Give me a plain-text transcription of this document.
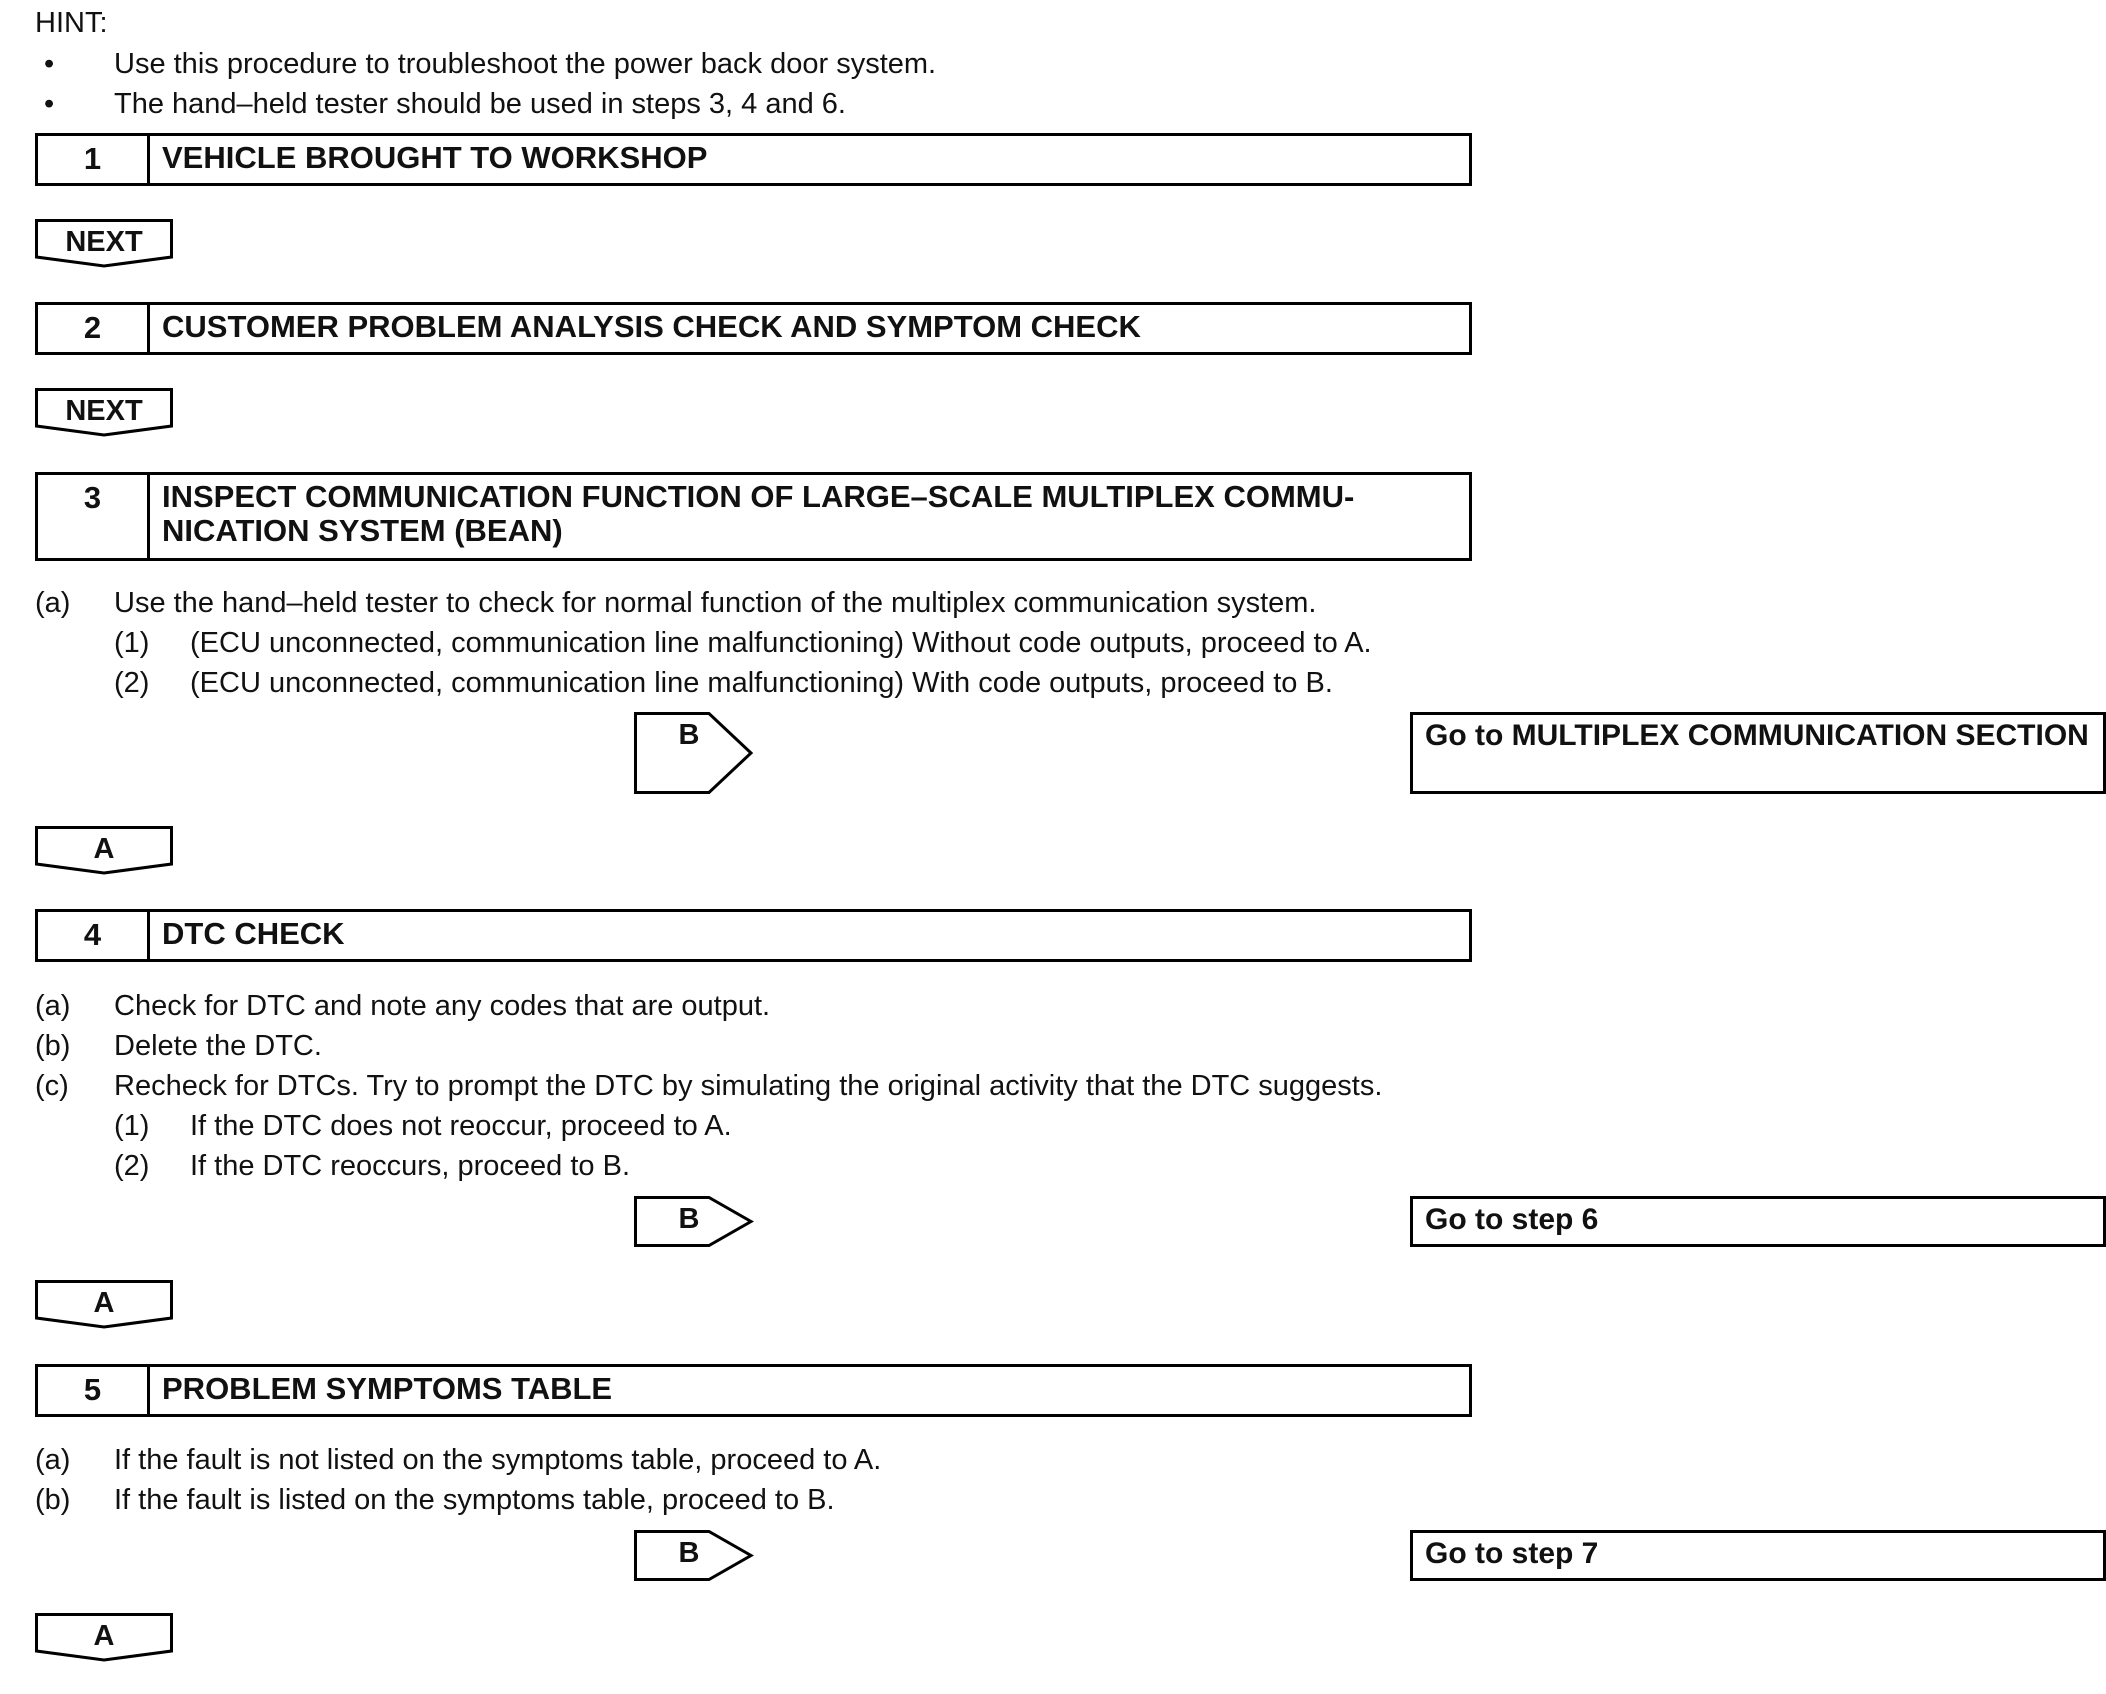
HINT:
• Use this procedure to troubleshoot the power back door system.
• The hand–held tester should be used in steps 3, 4 and 6.
1	VEHICLE BROUGHT TO WORKSHOP
NEXT
2	CUSTOMER PROBLEM ANALYSIS CHECK AND SYMPTOM CHECK
NEXT
3	INSPECT COMMUNICATION FUNCTION OF LARGE–SCALE MULTIPLEX COMMU-
NICATION SYSTEM (BEAN)
(a) Use the hand–held tester to check for normal function of the multiplex communication system.
(1) (ECU unconnected, communication line malfunctioning) Without code outputs, proceed to A.
(2) (ECU unconnected, communication line malfunctioning) With code outputs, proceed to B.
B	Go to MULTIPLEX COMMUNICATION SECTION
A
4	DTC CHECK
(a) Check for DTC and note any codes that are output.
(b) Delete the DTC.
(c) Recheck for DTCs. Try to prompt the DTC by simulating the original activity that the DTC suggests.
(1) If the DTC does not reoccur, proceed to A.
(2) If the DTC reoccurs, proceed to B.
B	Go to step 6
A
5	PROBLEM SYMPTOMS TABLE
(a) If the fault is not listed on the symptoms table, proceed to A.
(b) If the fault is listed on the symptoms table, proceed to B.
B	Go to step 7
A
